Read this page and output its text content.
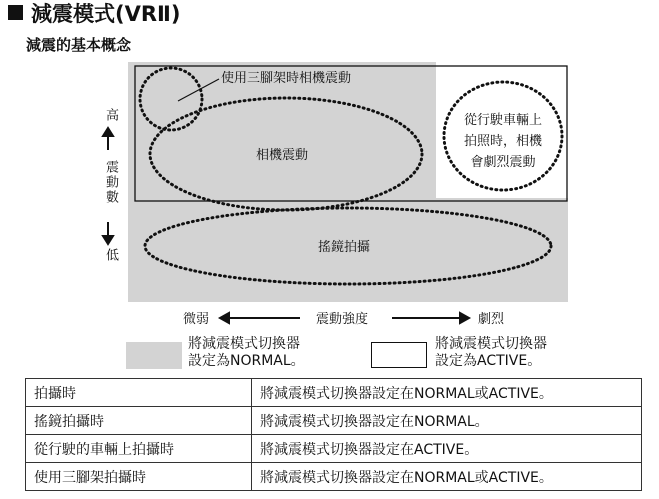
減震模式(VRⅡ)
減震的基本概念
使用三腳架時相機震動
相機震動
從行駛車輛上
拍照時，相機
會劇烈震動
搖鏡拍攝
微弱	震動強度	劇烈
高
震動數
低
將減震模式切換器
設定為NORMAL。
將減震模式切換器
設定為ACTIVE。
拍攝時	將減震模式切換器設定在NORMAL或ACTIVE。
搖鏡拍攝時	將減震模式切換器設定在NORMAL。
從行駛的車輛上拍攝時	將減震模式切換器設定在ACTIVE。
使用三腳架拍攝時	將減震模式切換器設定在NORMAL或ACTIVE。
